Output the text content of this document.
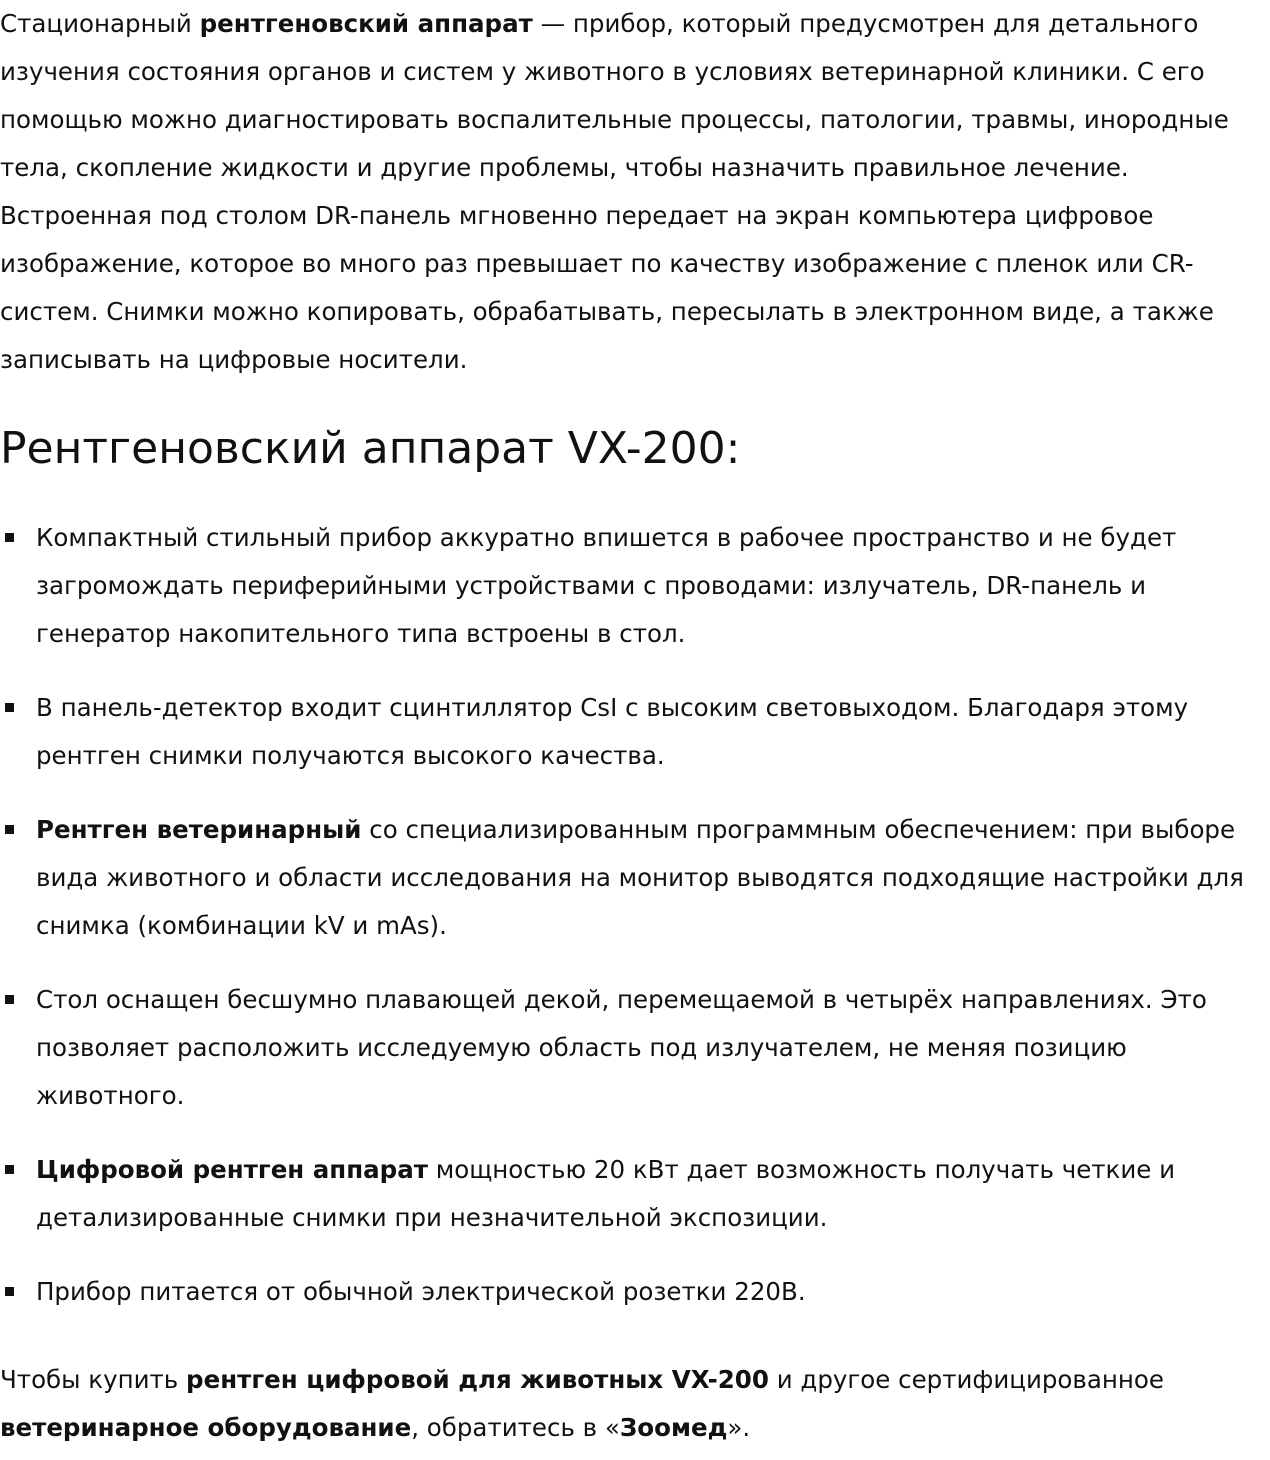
Стационарный рентгеновский аппарат — прибор, который предусмотрен для детального изучения состояния органов и систем у животного в условиях ветеринарной клиники. С его помощью можно диагностировать воспалительные процессы, патологии, травмы, инородные тела, скопление жидкости и другие проблемы, чтобы назначить правильное лечение. Встроенная под столом DR-панель мгновенно передает на экран компьютера цифровое изображение, которое во много раз превышает по качеству изображение с пленок или CR-систем. Снимки можно копировать, обрабатывать, пересылать в электронном виде, а также записывать на цифровые носители.

Рентгеновский аппарат VX-200:
Компактный стильный прибор аккуратно впишется в рабочее пространство и не будет загромождать периферийными устройствами с проводами: излучатель, DR-панель и генератор накопительного типа встроены в стол.
В панель-детектор входит сцинтиллятор CsI с высоким световыходом. Благодаря этому рентген снимки получаются высокого качества.
Рентген ветеринарный со специализированным программным обеспечением: при выборе вида животного и области исследования на монитор выводятся подходящие настройки для снимка (комбинации kV и mAs).
Стол оснащен бесшумно плавающей декой, перемещаемой в четырёх направлениях. Это позволяет расположить исследуемую область под излучателем, не меняя позицию животного.
Цифровой рентген аппарат мощностью 20 кВт дает возможность получать четкие и детализированные снимки при незначительной экспозиции.
Прибор питается от обычной электрической розетки 220В.

Чтобы купить рентген цифровой для животных VX-200 и другое сертифицированное ветеринарное оборудование, обратитесь в «Зоомед».
